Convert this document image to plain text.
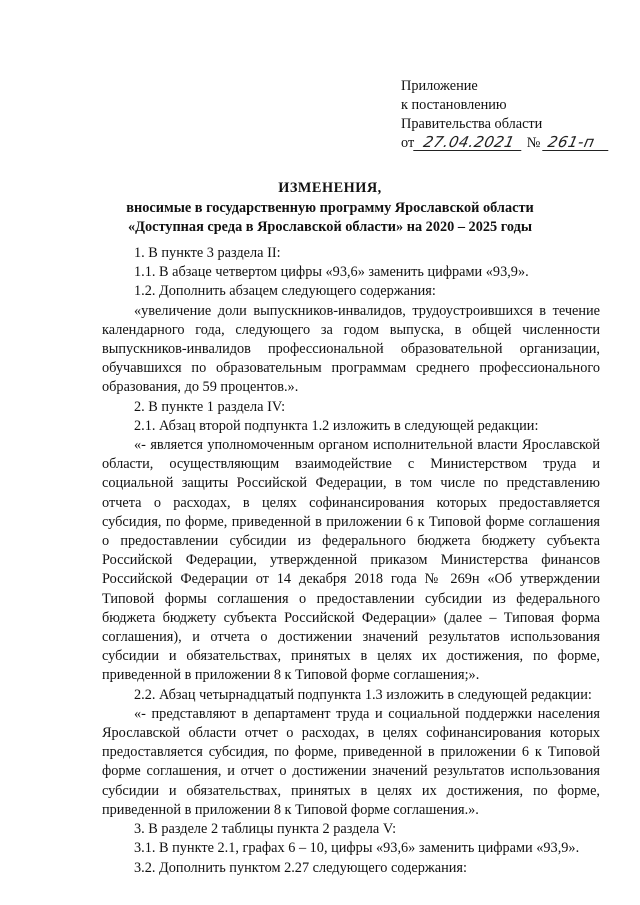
Приложение
к постановлению
Правительства области
от 27.04.2021 № 261-п
ИЗМЕНЕНИЯ,
вносимые в государственную программу Ярославской области
«Доступная среда в Ярославской области» на 2020 – 2025 годы

1. В пункте 3 раздела II:

1.1. В абзаце четвертом цифры «93,6» заменить цифрами «93,9».

1.2. Дополнить абзацем следующего содержания:

«увеличение доли выпускников-инвалидов, трудоустроившихся в течение календарного года, следующего за годом выпуска, в общей численности выпускников-инвалидов профессиональной образовательной организации, обучавшихся по образовательным программам среднего профессионального образования, до 59 процентов.».

2. В пункте 1 раздела IV:

2.1. Абзац второй подпункта 1.2 изложить в следующей редакции:

«- является уполномоченным органом исполнительной власти Ярославской области, осуществляющим взаимодействие с Министерством труда и социальной защиты Российской Федерации, в том числе по представлению отчета о расходах, в целях софинансирования которых предоставляется субсидия, по форме, приведенной в приложении 6 к Типовой форме соглашения о предоставлении субсидии из федерального бюджета бюджету субъекта Российской Федерации, утвержденной приказом Министерства финансов Российской Федерации от 14 декабря 2018 года № 269н «Об утверждении Типовой формы соглашения о предоставлении субсидии из федерального бюджета бюджету субъекта Российской Федерации» (далее – Типовая форма соглашения), и отчета о достижении значений результатов использования субсидии и обязательствах, принятых в целях их достижения, по форме, приведенной в приложении 8 к Типовой форме соглашения;».

2.2. Абзац четырнадцатый подпункта 1.3 изложить в следующей редакции:

«- представляют в департамент труда и социальной поддержки населения Ярославской области отчет о расходах, в целях софинансирования которых предоставляется субсидия, по форме, приведенной в приложении 6 к Типовой форме соглашения, и отчет о достижении значений результатов использования субсидии и обязательствах, принятых в целях их достижения, по форме, приведенной в приложении 8 к Типовой форме соглашения.».

3. В разделе 2 таблицы пункта 2 раздела V:

3.1. В пункте 2.1, графах 6 – 10, цифры «93,6» заменить цифрами «93,9».

3.2. Дополнить пунктом 2.27 следующего содержания:
